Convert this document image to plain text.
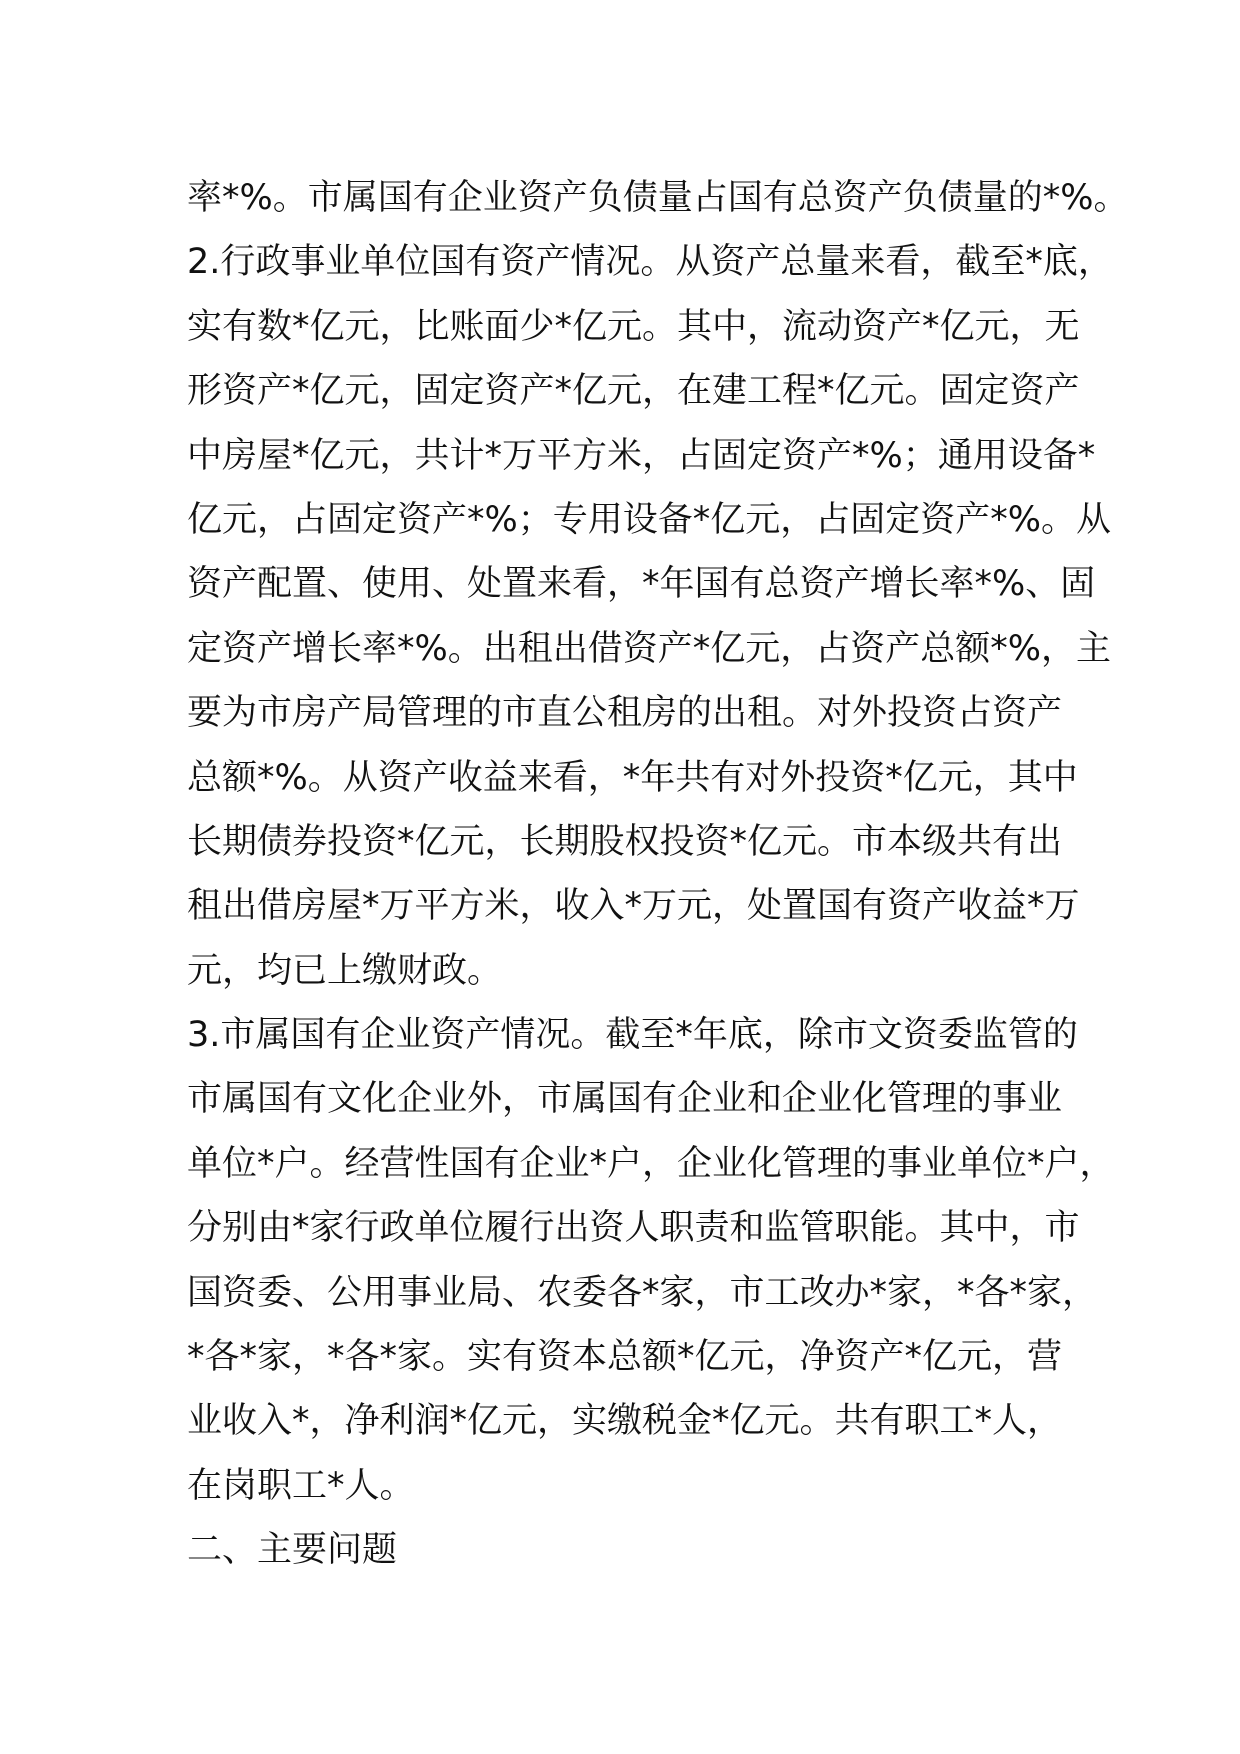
率*%。市属国有企业资产负债量占国有总资产负债量的*%。
2.行政事业单位国有资产情况。从资产总量来看，截至*底，
实有数*亿元，比账面少*亿元。其中，流动资产*亿元，无
形资产*亿元，固定资产*亿元，在建工程*亿元。固定资产
中房屋*亿元，共计*万平方米，占固定资产*%；通用设备*
亿元，占固定资产*%；专用设备*亿元，占固定资产*%。从
资产配置、使用、处置来看，*年国有总资产增长率*%、固
定资产增长率*%。出租出借资产*亿元，占资产总额*%，主
要为市房产局管理的市直公租房的出租。对外投资占资产
总额*%。从资产收益来看，*年共有对外投资*亿元，其中
长期债券投资*亿元，长期股权投资*亿元。市本级共有出
租出借房屋*万平方米，收入*万元，处置国有资产收益*万
元，均已上缴财政。
3.市属国有企业资产情况。截至*年底，除市文资委监管的
市属国有文化企业外，市属国有企业和企业化管理的事业
单位*户。经营性国有企业*户，企业化管理的事业单位*户，
分别由*家行政单位履行出资人职责和监管职能。其中，市
国资委、公用事业局、农委各*家，市工改办*家，*各*家，
*各*家，*各*家。实有资本总额*亿元，净资产*亿元，营
业收入*，净利润*亿元，实缴税金*亿元。共有职工*人，
在岗职工*人。
二、主要问题
